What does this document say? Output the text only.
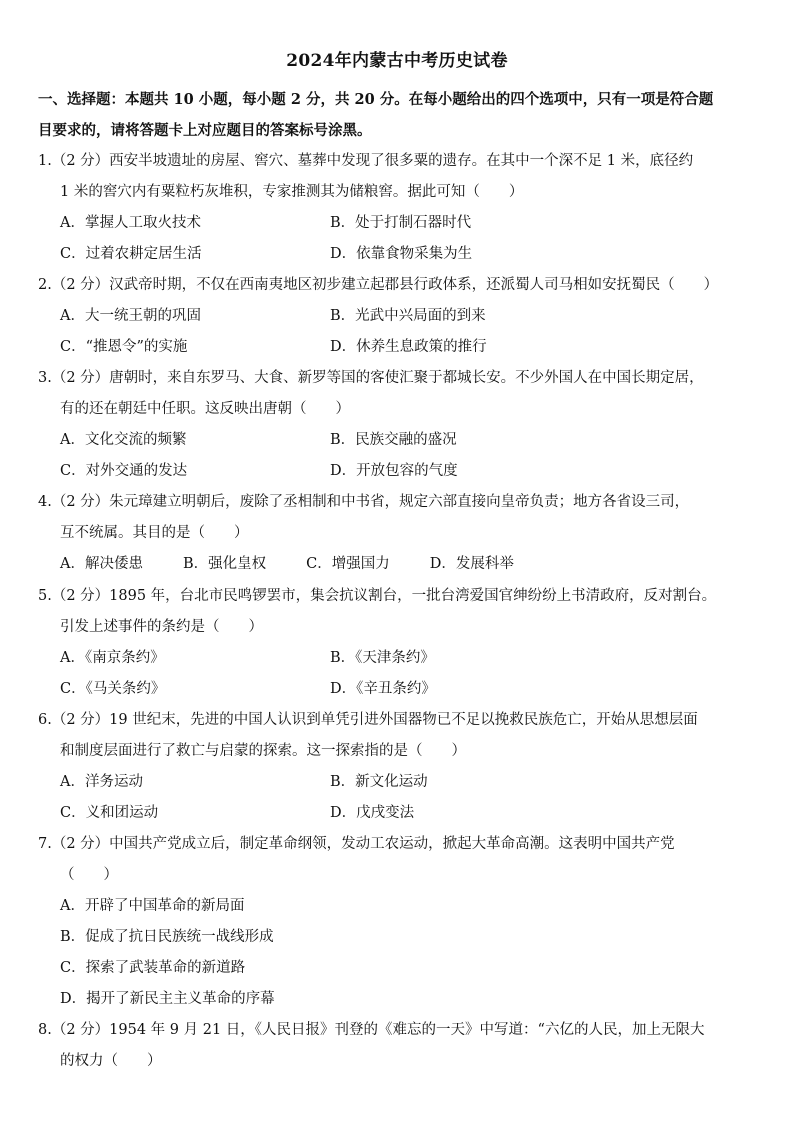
2024年内蒙古中考历史试卷
一、选择题：本题共 10 小题，每小题 2 分，共 20 分。在每小题给出的四个选项中，只有一项是符合题
目要求的，请将答题卡上对应题目的答案标号涂黑。
1.（2 分）西安半坡遗址的房屋、窖穴、墓葬中发现了很多粟的遗存。在其中一个深不足 1 米，底径约
1 米的窖穴内有粟粒朽灰堆积，专家推测其为储粮窖。据此可知（　　）
A．掌握人工取火技术	B．处于打制石器时代
C．过着农耕定居生活	D．依靠食物采集为生
2.（2 分）汉武帝时期，不仅在西南夷地区初步建立起郡县行政体系，还派蜀人司马相如安抚蜀民（　　）
A．大一统王朝的巩固	B．光武中兴局面的到来
C．“推恩令”的实施	D．休养生息政策的推行
3.（2 分）唐朝时，来自东罗马、大食、新罗等国的客使汇聚于都城长安。不少外国人在中国长期定居，
有的还在朝廷中任职。这反映出唐朝（　　）
A．文化交流的频繁	B．民族交融的盛况
C．对外交通的发达	D．开放包容的气度
4.（2 分）朱元璋建立明朝后，废除了丞相制和中书省，规定六部直接向皇帝负责；地方各省设三司，
互不统属。其目的是（　　）
A．解决倭患	B．强化皇权	C．增强国力	D．发展科举
5.（2 分）1895 年，台北市民鸣锣罢市，集会抗议割台，一批台湾爱国官绅纷纷上书清政府，反对割台。
引发上述事件的条约是（　　）
A．《南京条约》	B．《天津条约》
C．《马关条约》	D．《辛丑条约》
6.（2 分）19 世纪末，先进的中国人认识到单凭引进外国器物已不足以挽救民族危亡，开始从思想层面
和制度层面进行了救亡与启蒙的探索。这一探索指的是（　　）
A．洋务运动	B．新文化运动
C．义和团运动	D．戊戌变法
7.（2 分）中国共产党成立后，制定革命纲领，发动工农运动，掀起大革命高潮。这表明中国共产党
（　　）
A．开辟了中国革命的新局面
B．促成了抗日民族统一战线形成
C．探索了武装革命的新道路
D．揭开了新民主主义革命的序幕
8.（2 分）1954 年 9 月 21 日，《人民日报》刊登的《难忘的一天》中写道：“六亿的人民，加上无限大
的权力（　　）
